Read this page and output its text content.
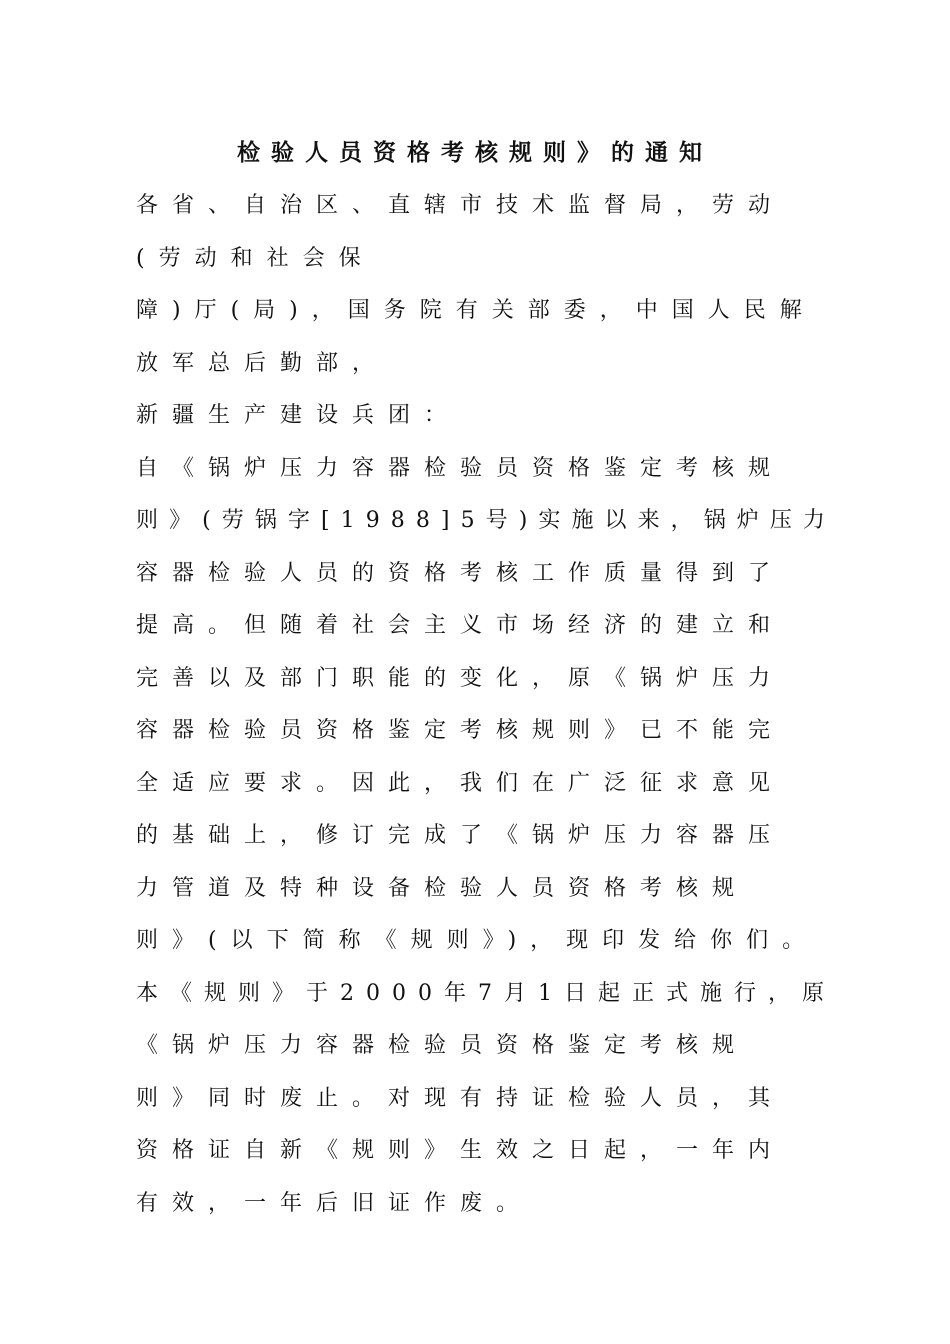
检验人员资格考核规则》的通知
各省、自治区、直辖市技术监督局，劳动
(劳动和社会保
障)厅(局)，国务院有关部委，中国人民解
放军总后勤部，
新疆生产建设兵团：
自《锅炉压力容器检验员资格鉴定考核规
则》(劳锅字[1988]5号)实施以来，锅炉压力
容器检验人员的资格考核工作质量得到了
提高。但随着社会主义市场经济的建立和
完善以及部门职能的变化，原《锅炉压力
容器检验员资格鉴定考核规则》已不能完
全适应要求。因此，我们在广泛征求意见
的基础上，修订完成了《锅炉压力容器压
力管道及特种设备检验人员资格考核规
则》(以下简称《规则》)，现印发给你们。
本《规则》于2000年7月1日起正式施行，原
《锅炉压力容器检验员资格鉴定考核规
则》同时废止。对现有持证检验人员，其
资格证自新《规则》生效之日起，一年内
有效，一年后旧证作废。
